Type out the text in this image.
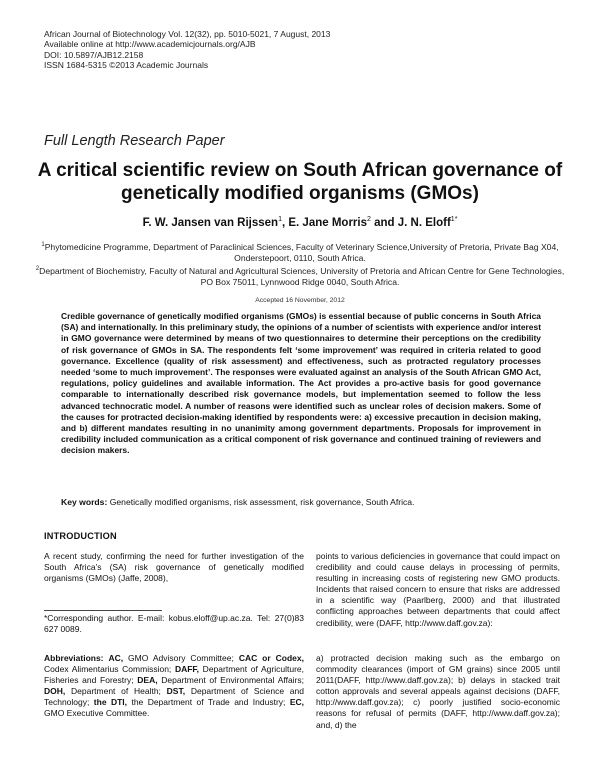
African Journal of Biotechnology Vol. 12(32), pp. 5010-5021, 7 August, 2013
Available online at http://www.academicjournals.org/AJB
DOI: 10.5897/AJB12.2158
ISSN 1684-5315 ©2013 Academic Journals
Full Length Research Paper
A critical scientific review on South African governance of genetically modified organisms (GMOs)
F. W. Jansen van Rijssen$^1$, E. Jane Morris$^2$ and J. N. Eloff$^{1*}$
$^1$Phytomedicine Programme, Department of Paraclinical Sciences, Faculty of Veterinary Science,University of Pretoria, Private Bag X04, Onderstepoort, 0110, South Africa.
$^2$Department of Biochemistry, Faculty of Natural and Agricultural Sciences, University of Pretoria and African Centre for Gene Technologies, PO Box 75011, Lynnwood Ridge 0040, South Africa.
Accepted 16 November, 2012
Credible governance of genetically modified organisms (GMOs) is essential because of public concerns in South Africa (SA) and internationally. In this preliminary study, the opinions of a number of scientists with experience and/or interest in GMO governance were determined by means of two questionnaires to determine their perceptions on the credibility of risk governance of GMOs in SA. The respondents felt ‘some improvement’ was required in criteria related to good governance. Excellence (quality of risk assessment) and effectiveness, such as protracted regulatory processes needed ‘some to much improvement’. The responses were evaluated against an analysis of the South African GMO Act, regulations, policy guidelines and available information. The Act provides a pro-active basis for good governance comparable to internationally described risk governance models, but implementation seemed to follow the less advanced technocratic model. A number of reasons were identified such as unclear roles of decision makers. Some of the causes for protracted decision-making identified by respondents were: a) excessive precaution in decision making, and b) different mandates resulting in no unanimity among government departments. Proposals for improvement in credibility included communication as a critical component of risk governance and continued training of reviewers and decision makers.
Key words: Genetically modified organisms, risk assessment, risk governance, South Africa.
INTRODUCTION
A recent study, confirming the need for further investigation of the South Africa’s (SA) risk governance of genetically modified organisms (GMOs) (Jaffe, 2008),
points to various deficiencies in governance that could impact on credibility and could cause delays in processing of permits, resulting in increasing costs of registering new GMO products. Incidents that raised concern to ensure that risks are addressed in a scientific way (Paarlberg, 2000) and that illustrated conflicting approaches between departments that could affect credibility, were (DAFF, http://www.daff.gov.za):
a) protracted decision making such as the embargo on commodity clearances (import of GM grains) since 2005 until 2011(DAFF, http://www.daff.gov.za); b) delays in stacked trait cotton approvals and several appeals against decisions (DAFF, http://www.daff.gov.za); c) poorly justified socio-economic reasons for refusal of permits (DAFF, http://www.daff.gov.za); and, d) the
*Corresponding author. E-mail: kobus.eloff@up.ac.za. Tel: 27(0)83 627 0089.
Abbreviations: AC, GMO Advisory Committee; CAC or Codex, Codex Alimentarius Commission; DAFF, Department of Agriculture, Fisheries and Forestry; DEA, Department of Environmental Affairs; DOH, Department of Health; DST, Department of Science and Technology; the DTI, the Department of Trade and Industry; EC, GMO Executive Committee.
